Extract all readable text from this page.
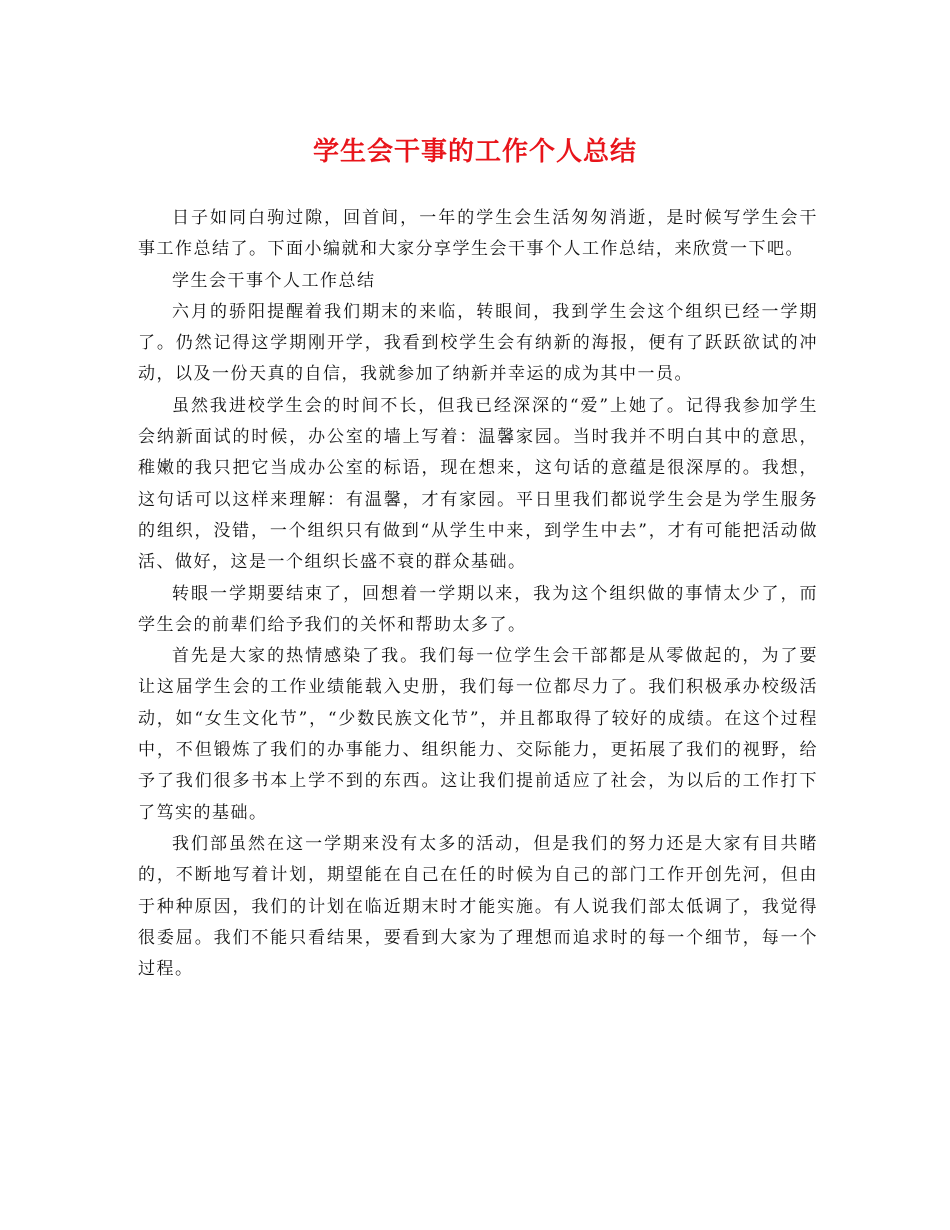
学生会干事的工作个人总结

日子如同白驹过隙，回首间，一年的学生会生活匆匆消逝，是时候写学生会干事工作总结了。下面小编就和大家分享学生会干事个人工作总结，来欣赏一下吧。

学生会干事个人工作总结

六月的骄阳提醒着我们期末的来临，转眼间，我到学生会这个组织已经一学期了。仍然记得这学期刚开学，我看到校学生会有纳新的海报，便有了跃跃欲试的冲动，以及一份天真的自信，我就参加了纳新并幸运的成为其中一员。

虽然我进校学生会的时间不长，但我已经深深的“爱”上她了。记得我参加学生会纳新面试的时候，办公室的墙上写着：温馨家园。当时我并不明白其中的意思，稚嫩的我只把它当成办公室的标语，现在想来，这句话的意蕴是很深厚的。我想，这句话可以这样来理解：有温馨，才有家园。平日里我们都说学生会是为学生服务的组织，没错，一个组织只有做到“从学生中来，到学生中去”，才有可能把活动做活、做好，这是一个组织长盛不衰的群众基础。

转眼一学期要结束了，回想着一学期以来，我为这个组织做的事情太少了，而学生会的前辈们给予我们的关怀和帮助太多了。

首先是大家的热情感染了我。我们每一位学生会干部都是从零做起的，为了要让这届学生会的工作业绩能载入史册，我们每一位都尽力了。我们积极承办校级活动，如“女生文化节”，“少数民族文化节”，并且都取得了较好的成绩。在这个过程中，不但锻炼了我们的办事能力、组织能力、交际能力，更拓展了我们的视野，给予了我们很多书本上学不到的东西。这让我们提前适应了社会，为以后的工作打下了笃实的基础。

我们部虽然在这一学期来没有太多的活动，但是我们的努力还是大家有目共睹的，不断地写着计划，期望能在自己在任的时候为自己的部门工作开创先河，但由于种种原因，我们的计划在临近期末时才能实施。有人说我们部太低调了，我觉得很委屈。我们不能只看结果，要看到大家为了理想而追求时的每一个细节，每一个过程。
